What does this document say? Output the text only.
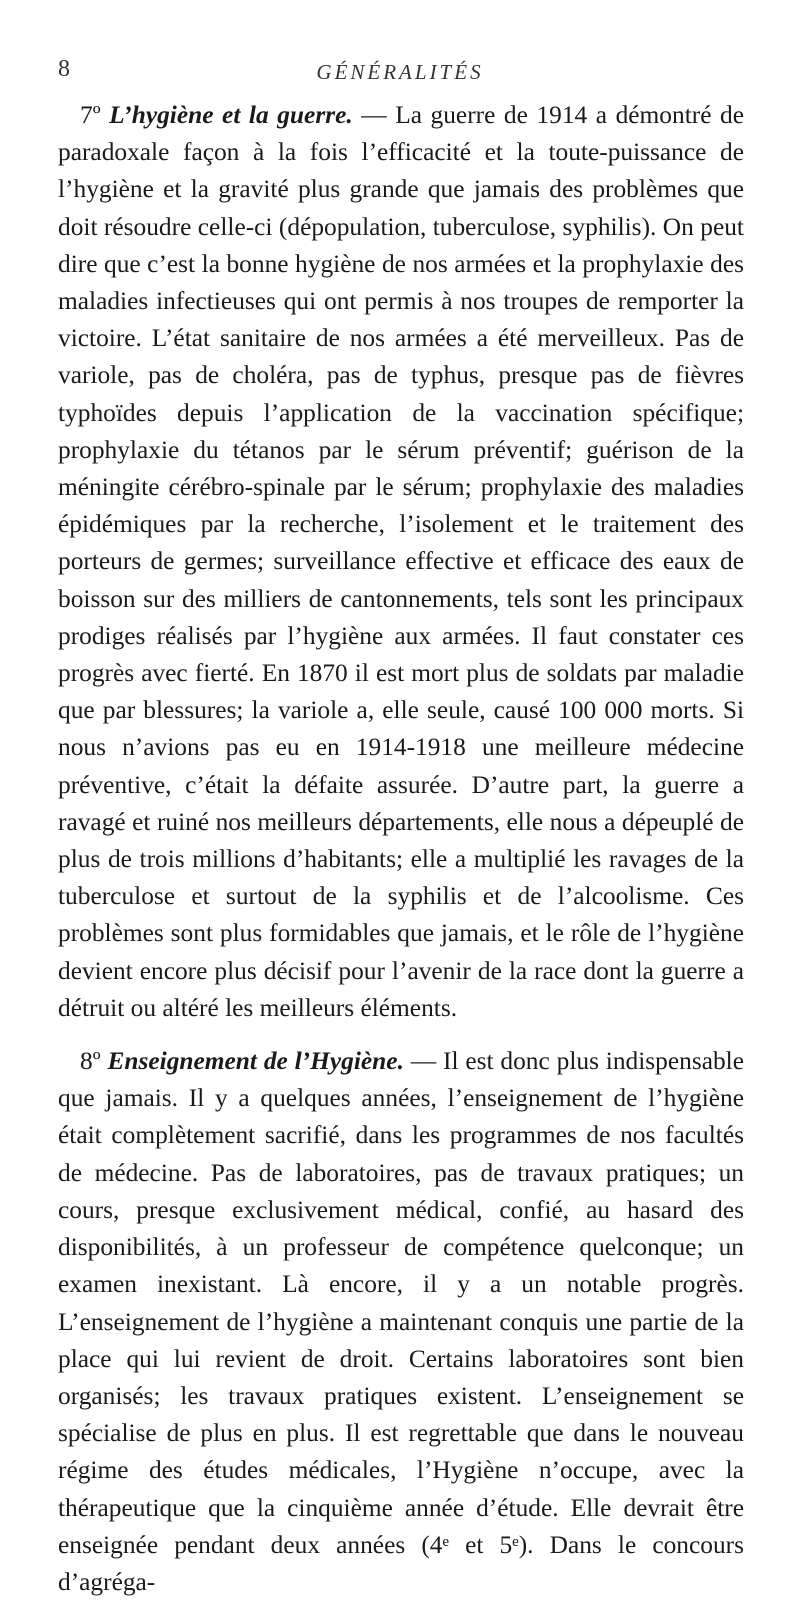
8	GÉNÉRALITÉS

7º L’hygiène et la guerre. — La guerre de 1914 a démontré de paradoxale façon à la fois l’efficacité et la toute-puissance de l’hygiène et la gravité plus grande que jamais des problèmes que doit résoudre celle-ci (dépopulation, tuberculose, syphilis). On peut dire que c’est la bonne hygiène de nos armées et la prophylaxie des maladies infectieuses qui ont permis à nos troupes de remporter la victoire. L’état sanitaire de nos armées a été merveilleux. Pas de variole, pas de choléra, pas de typhus, presque pas de fièvres typhoïdes depuis l’application de la vaccination spécifique; prophylaxie du tétanos par le sérum préventif; guérison de la méningite cérébro-spinale par le sérum; prophylaxie des maladies épidémiques par la recherche, l’isolement et le traitement des porteurs de germes; surveillance effective et efficace des eaux de boisson sur des milliers de cantonnements, tels sont les principaux prodiges réalisés par l’hygiène aux armées. Il faut constater ces progrès avec fierté. En 1870 il est mort plus de soldats par maladie que par blessures; la variole a, elle seule, causé 100 000 morts. Si nous n’avions pas eu en 1914-1918 une meilleure médecine préventive, c’était la défaite assurée. D’autre part, la guerre a ravagé et ruiné nos meilleurs départements, elle nous a dépeuplé de plus de trois millions d’habitants; elle a multiplié les ravages de la tuberculose et surtout de la syphilis et de l’alcoolisme. Ces problèmes sont plus formidables que jamais, et le rôle de l’hygiène devient encore plus décisif pour l’avenir de la race dont la guerre a détruit ou altéré les meilleurs éléments.

8º Enseignement de l’Hygiène. — Il est donc plus indispensable que jamais. Il y a quelques années, l’enseignement de l’hygiène était complètement sacrifié, dans les programmes de nos facultés de médecine. Pas de laboratoires, pas de travaux pratiques; un cours, presque exclusivement médical, confié, au hasard des disponibilités, à un professeur de compétence quelconque; un examen inexistant. Là encore, il y a un notable progrès. L’enseignement de l’hygiène a maintenant conquis une partie de la place qui lui revient de droit. Certains laboratoires sont bien organisés; les travaux pratiques existent. L’enseignement se spécialise de plus en plus. Il est regrettable que dans le nouveau régime des études médicales, l’Hygiène n’occupe, avec la thérapeutique que la cinquième année d’étude. Elle devrait être enseignée pendant deux années (4ᵉ et 5ᵉ). Dans le concours d’agréga-
